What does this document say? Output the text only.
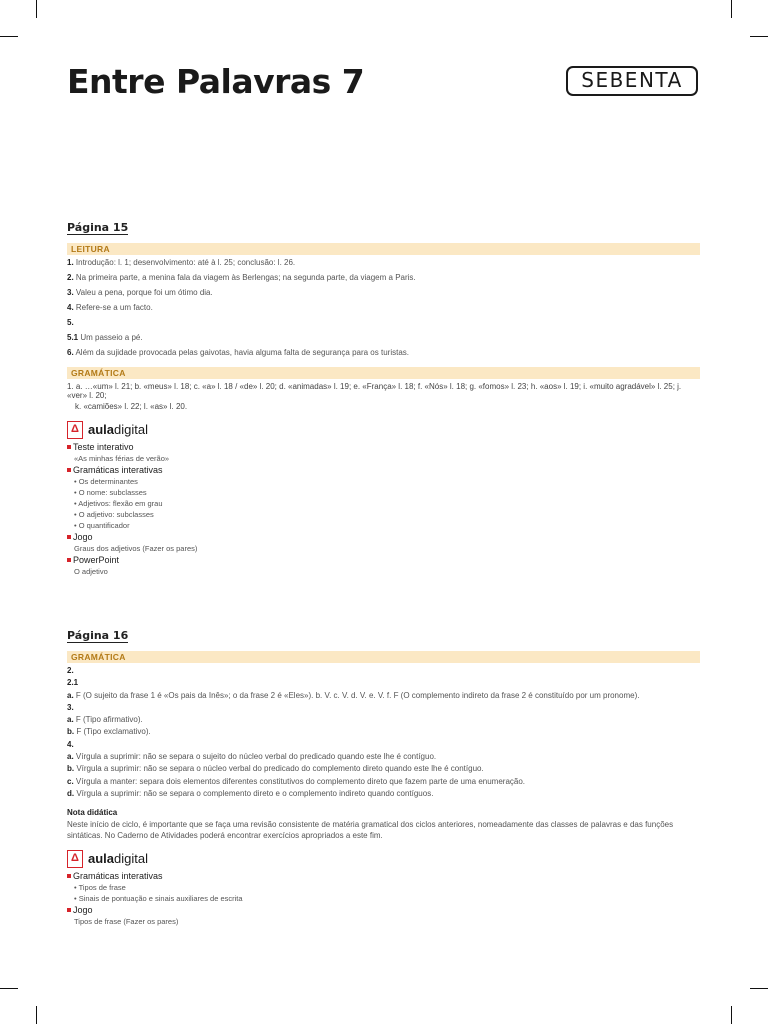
Entre Palavras 7	SEBENTA
Página 15
LEITURA

1. Introdução: l. 1; desenvolvimento: até à l. 25; conclusão: l. 26.

2. Na primeira parte, a menina fala da viagem às Berlengas; na segunda parte, da viagem a Paris.

3. Valeu a pena, porque foi um ótimo dia.

4. Refere-se a um facto.

5.

5.1 Um passeio a pé.

6. Além da sujidade provocada pelas gaivotas, havia alguma falta de segurança para os turistas.

GRAMÁTICA

1. a. …«um» l. 21; b. «meus» l. 18; c. «a» l. 18 / «de» l. 20; d. «animadas» l. 19; e. «França» l. 18; f. «Nós» l. 18; g. «fomos» l. 23; h. «aos» l. 19; i. «muito agradável» l. 25; j. «ver» l. 20;

k. «camiões» l. 22; l. «as» l. 20.

Δ auladigital
Teste interativo
«As minhas férias de verão»
Gramáticas interativas
• Os determinantes
• O nome: subclasses
• Adjetivos: flexão em grau
• O adjetivo: subclasses
• O quantificador
Jogo
Graus dos adjetivos (Fazer os pares)
PowerPoint
O adjetivo
Página 16
GRAMÁTICA

2.

2.1

a. F (O sujeito da frase 1 é «Os pais da Inês»; o da frase 2 é «Eles»). b. V. c. V. d. V. e. V. f. F (O complemento indireto da frase 2 é constituído por um pronome).

3.

a. F (Tipo afirmativo).

b. F (Tipo exclamativo).

4.

a. Vírgula a suprimir: não se separa o sujeito do núcleo verbal do predicado quando este lhe é contíguo.

b. Vírgula a suprimir: não se separa o núcleo verbal do predicado do complemento direto quando este lhe é contíguo.

c. Vírgula a manter: separa dois elementos diferentes constitutivos do complemento direto que fazem parte de uma enumeração.

d. Vírgula a suprimir: não se separa o complemento direto e o complemento indireto quando contíguos.

Nota didática

Neste início de ciclo, é importante que se faça uma revisão consistente de matéria gramatical dos ciclos anteriores, nomeadamente das classes de palavras e das funções sintáticas. No Caderno de Atividades poderá encontrar exercícios apropriados a este fim.

Δ auladigital
Gramáticas interativas
• Tipos de frase
• Sinais de pontuação e sinais auxiliares de escrita
Jogo
Tipos de frase (Fazer os pares)
